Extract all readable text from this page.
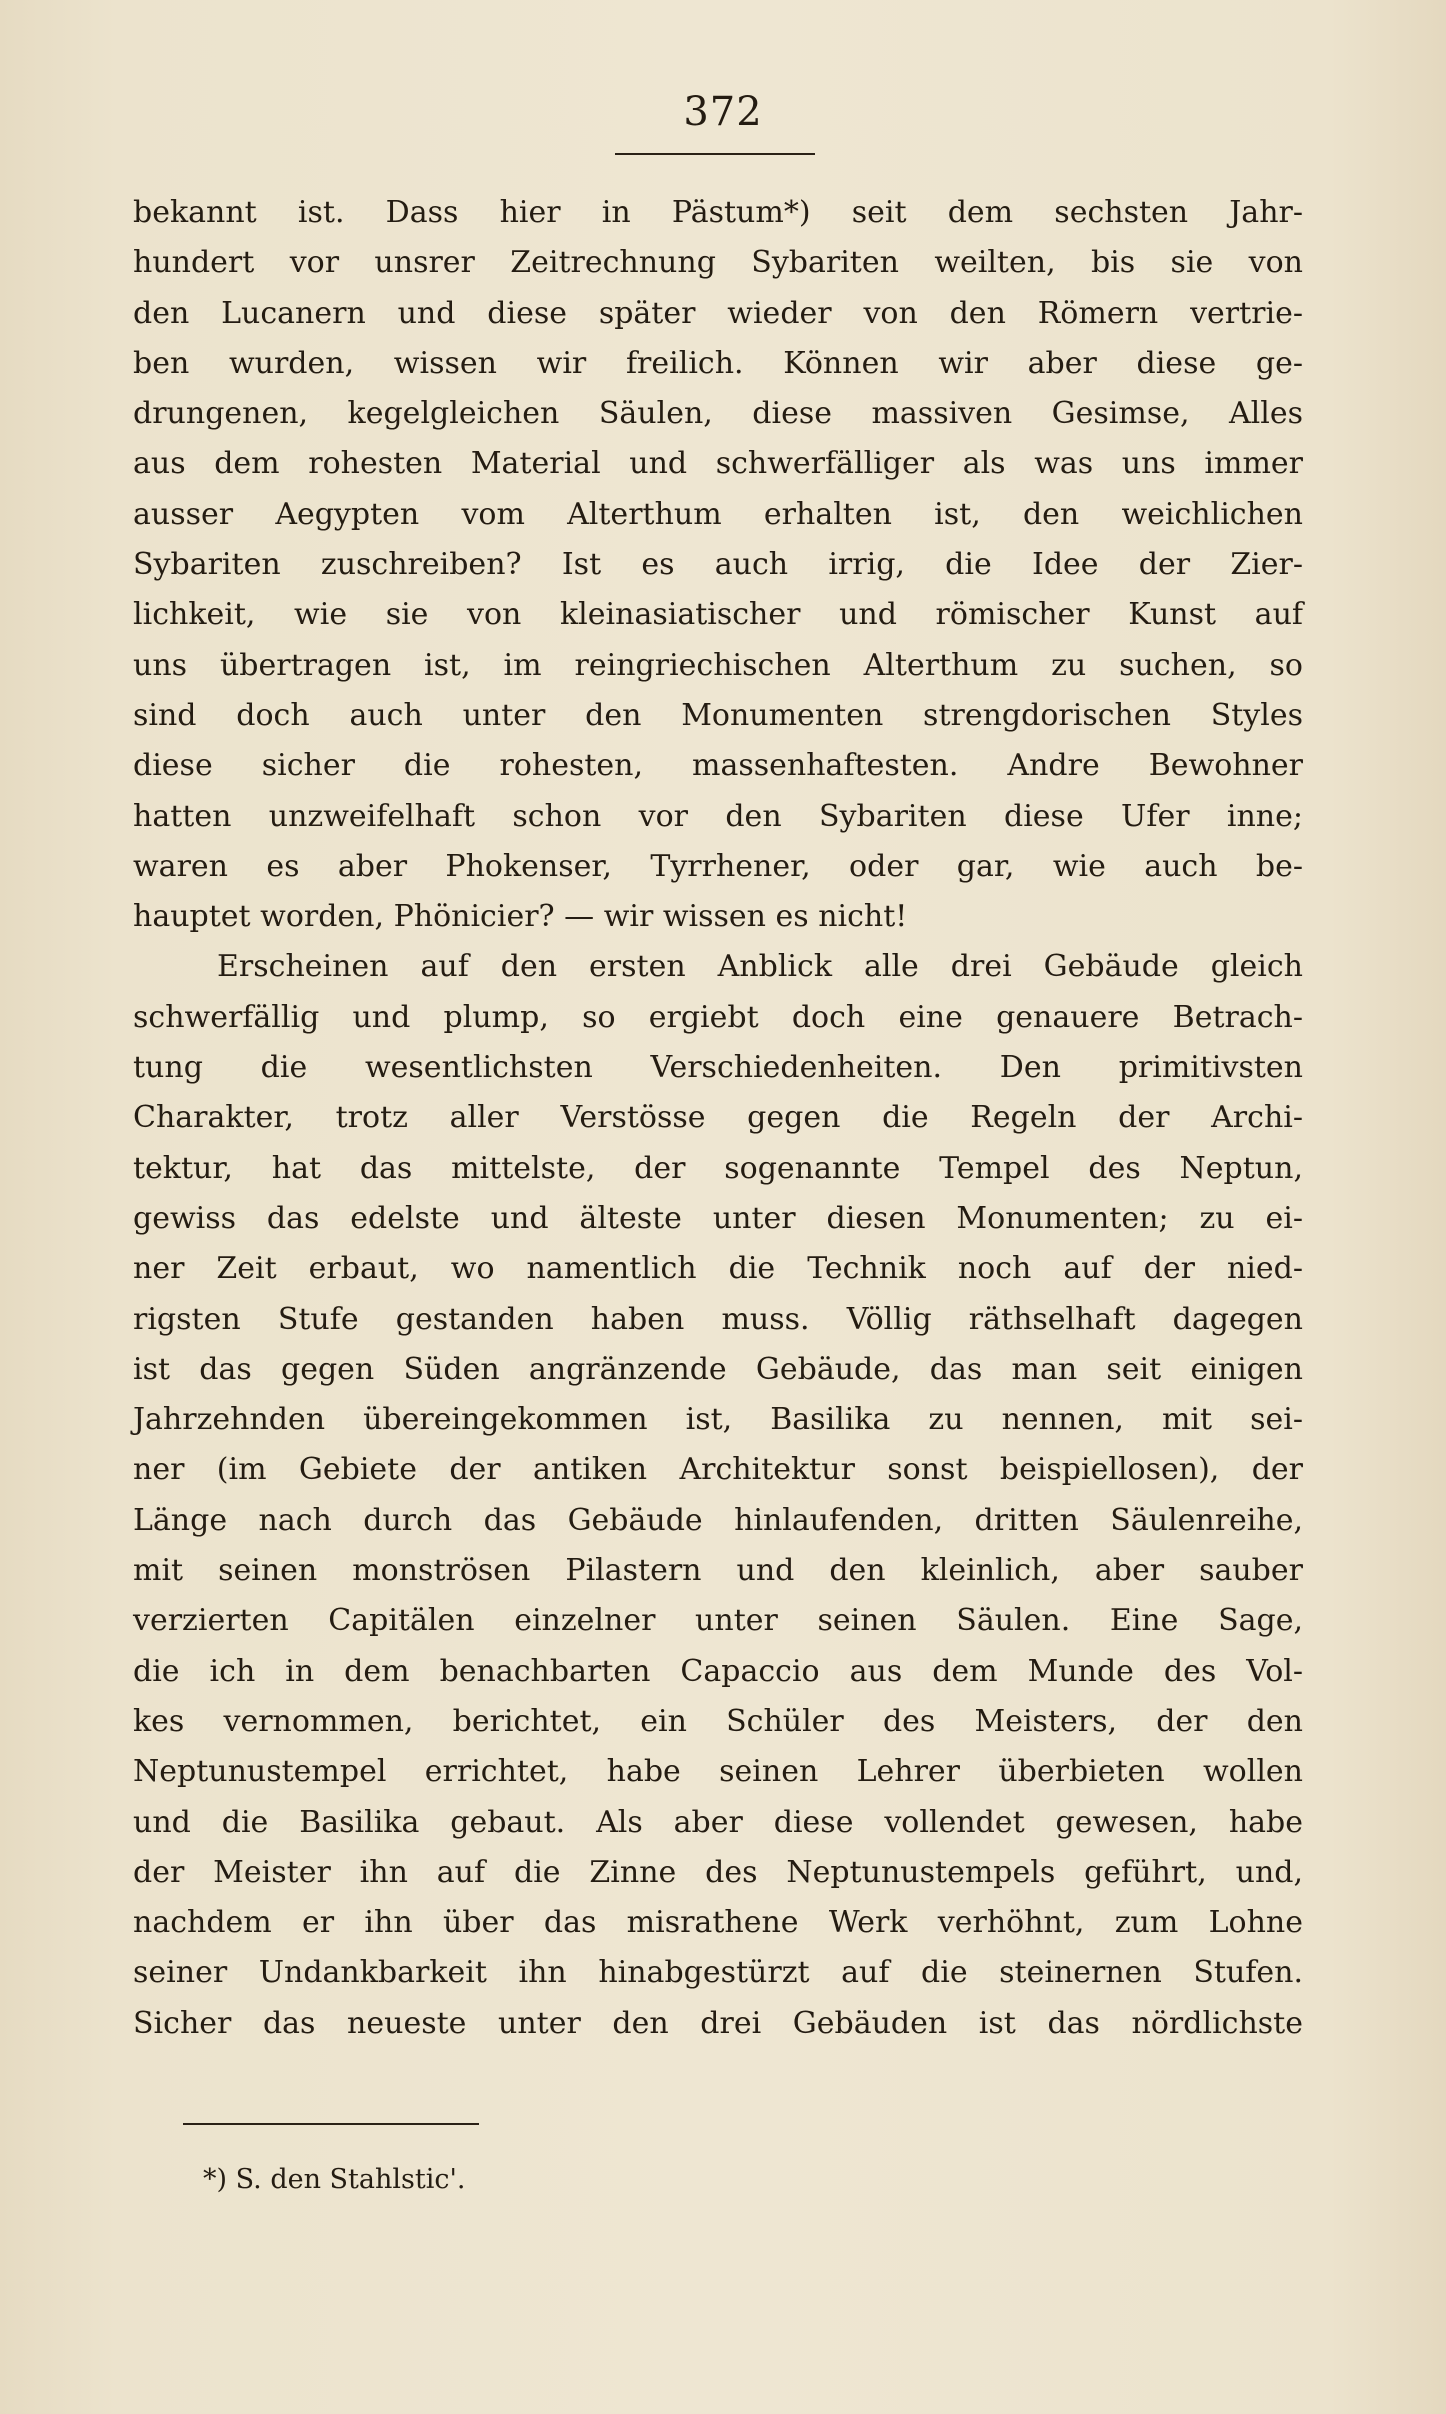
372
bekannt ist. Dass hier in Pästum*) seit dem sechsten Jahr-
hundert vor unsrer Zeitrechnung Sybariten weilten, bis sie von
den Lucanern und diese später wieder von den Römern vertrie-
ben wurden, wissen wir freilich. Können wir aber diese ge-
drungenen, kegelgleichen Säulen, diese massiven Gesimse, Alles
aus dem rohesten Material und schwerfälliger als was uns immer
ausser Aegypten vom Alterthum erhalten ist, den weichlichen
Sybariten zuschreiben? Ist es auch irrig, die Idee der Zier-
lichkeit, wie sie von kleinasiatischer und römischer Kunst auf
uns übertragen ist, im reingriechischen Alterthum zu suchen, so
sind doch auch unter den Monumenten strengdorischen Styles
diese sicher die rohesten, massenhaftesten. Andre Bewohner
hatten unzweifelhaft schon vor den Sybariten diese Ufer inne;
waren es aber Phokenser, Tyrrhener, oder gar, wie auch be-
hauptet worden, Phönicier? — wir wissen es nicht!
Erscheinen auf den ersten Anblick alle drei Gebäude gleich
schwerfällig und plump, so ergiebt doch eine genauere Betrach-
tung die wesentlichsten Verschiedenheiten. Den primitivsten
Charakter, trotz aller Verstösse gegen die Regeln der Archi-
tektur, hat das mittelste, der sogenannte Tempel des Neptun,
gewiss das edelste und älteste unter diesen Monumenten; zu ei-
ner Zeit erbaut, wo namentlich die Technik noch auf der nied-
rigsten Stufe gestanden haben muss. Völlig räthselhaft dagegen
ist das gegen Süden angränzende Gebäude, das man seit einigen
Jahrzehnden übereingekommen ist, Basilika zu nennen, mit sei-
ner (im Gebiete der antiken Architektur sonst beispiellosen), der
Länge nach durch das Gebäude hinlaufenden, dritten Säulenreihe,
mit seinen monströsen Pilastern und den kleinlich, aber sauber
verzierten Capitälen einzelner unter seinen Säulen. Eine Sage,
die ich in dem benachbarten Capaccio aus dem Munde des Vol-
kes vernommen, berichtet, ein Schüler des Meisters, der den
Neptunustempel errichtet, habe seinen Lehrer überbieten wollen
und die Basilika gebaut. Als aber diese vollendet gewesen, habe
der Meister ihn auf die Zinne des Neptunustempels geführt, und,
nachdem er ihn über das misrathene Werk verhöhnt, zum Lohne
seiner Undankbarkeit ihn hinabgestürzt auf die steinernen Stufen.
Sicher das neueste unter den drei Gebäuden ist das nördlichste
*) S. den Stahlstic'.
